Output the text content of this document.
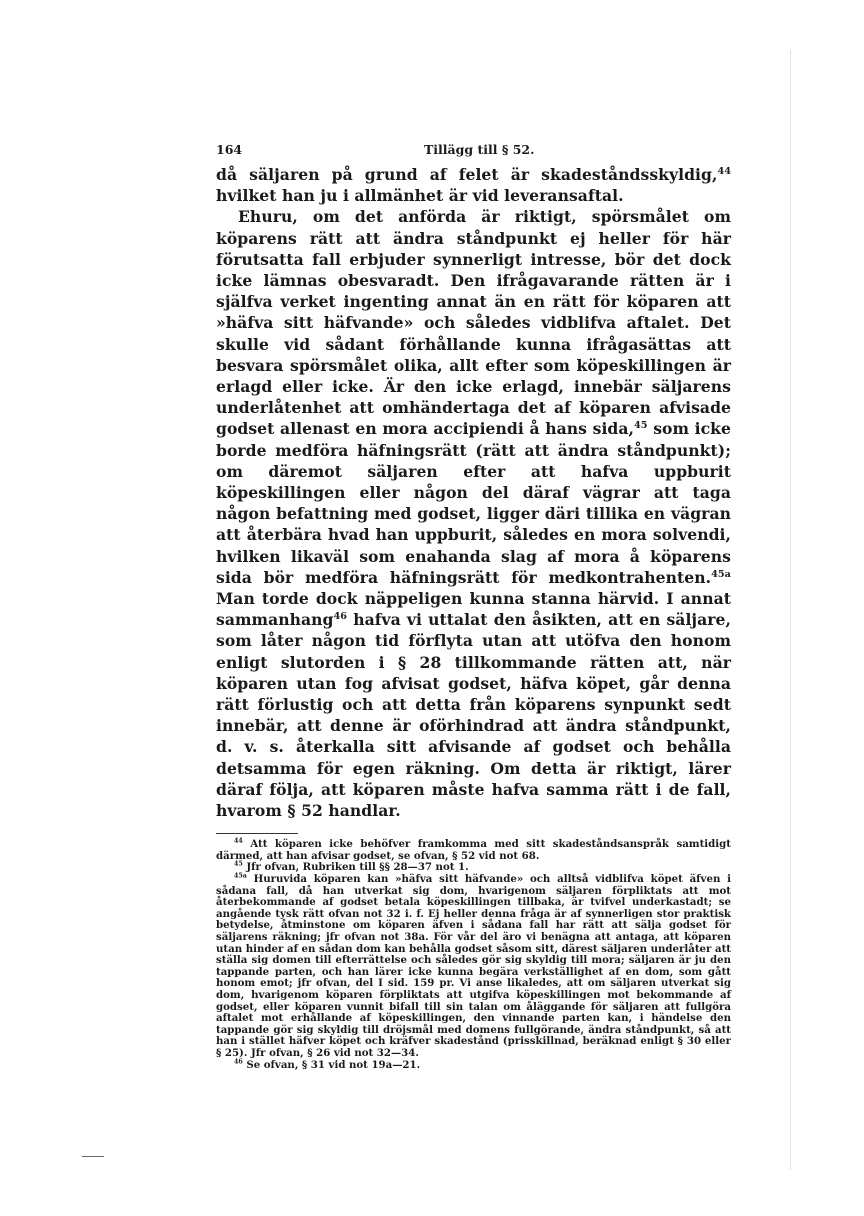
164	Tillägg till § 52.

då säljaren på grund af felet är skadeståndsskyldig,$^{44}$ hvilket han ju i allmänhet är vid leveransaftal.

Ehuru, om det anförda är riktigt, spörsmålet om köparens rätt att ändra ståndpunkt ej heller för här förutsatta fall erbjuder synnerligt intresse, bör det dock icke lämnas obesvaradt. Den ifrågavarande rätten är i själfva verket ingenting annat än en rätt för köparen att »häfva sitt häfvande» och således vidblifva aftalet. Det skulle vid sådant förhållande kunna ifrågasättas att besvara spörsmålet olika, allt efter som köpeskillingen är erlagd eller icke. Är den icke erlagd, innebär säljarens underlåtenhet att omhändertaga det af köparen afvisade godset allenast en mora accipiendi å hans sida,$^{45}$ som icke borde medföra häfningsrätt (rätt att ändra ståndpunkt); om däremot säljaren efter att hafva uppburit köpeskillingen eller någon del däraf vägrar att taga någon befattning med godset, ligger däri tillika en vägran att återbära hvad han uppburit, således en mora solvendi, hvilken likaväl som enahanda slag af mora å köparens sida bör medföra häfningsrätt för medkontrahenten.$^{45a}$ Man torde dock näppeligen kunna stanna härvid. I annat sammanhang$^{46}$ hafva vi uttalat den åsikten, att en säljare, som låter någon tid förflyta utan att utöfva den honom enligt slutorden i § 28 tillkommande rätten att, när köparen utan fog afvisat godset, häfva köpet, går denna rätt förlustig och att detta från köparens synpunkt sedt innebär, att denne är oförhindrad att ändra ståndpunkt, d. v. s. återkalla sitt afvisande af godset och behålla detsamma för egen räkning. Om detta är riktigt, lärer däraf följa, att köparen måste hafva samma rätt i de fall, hvarom § 52 handlar.

$^{44}$ Att köparen icke behöfver framkomma med sitt skadeståndsanspråk samtidigt därmed, att han afvisar godset, se ofvan, § 52 vid not 68.

$^{45}$ Jfr ofvan, Rubriken till §§ 28—37 not 1.

$^{45a}$ Huruvida köparen kan »häfva sitt häfvande» och alltså vidblifva köpet äfven i sådana fall, då han utverkat sig dom, hvarigenom säljaren förpliktats att mot återbekommande af godset betala köpeskillingen tillbaka, är tvifvel underkastadt; se angående tysk rätt ofvan not 32 i. f. Ej heller denna fråga är af synnerligen stor praktisk betydelse, åtminstone om köparen äfven i sådana fall har rätt att sälja godset för säljarens räkning; jfr ofvan not 38a. För vår del äro vi benägna att antaga, att köparen utan hinder af en sådan dom kan behålla godset såsom sitt, därest säljaren underlåter att ställa sig domen till efterrättelse och således gör sig skyldig till mora; säljaren är ju den tappande parten, och han lärer icke kunna begära verkställighet af en dom, som gått honom emot; jfr ofvan, del I sid. 159 pr. Vi anse likaledes, att om säljaren utverkat sig dom, hvarigenom köparen förpliktats att utgifva köpeskillingen mot bekommande af godset, eller köparen vunnit bifall till sin talan om åläggande för säljaren att fullgöra aftalet mot erhållande af köpeskillingen, den vinnande parten kan, i händelse den tappande gör sig skyldig till dröjsmål med domens fullgörande, ändra ståndpunkt, så att han i stället häfver köpet och kräfver skadestånd (prisskillnad, beräknad enligt § 30 eller § 25). Jfr ofvan, § 26 vid not 32—34.

$^{46}$ Se ofvan, § 31 vid not 19a—21.
